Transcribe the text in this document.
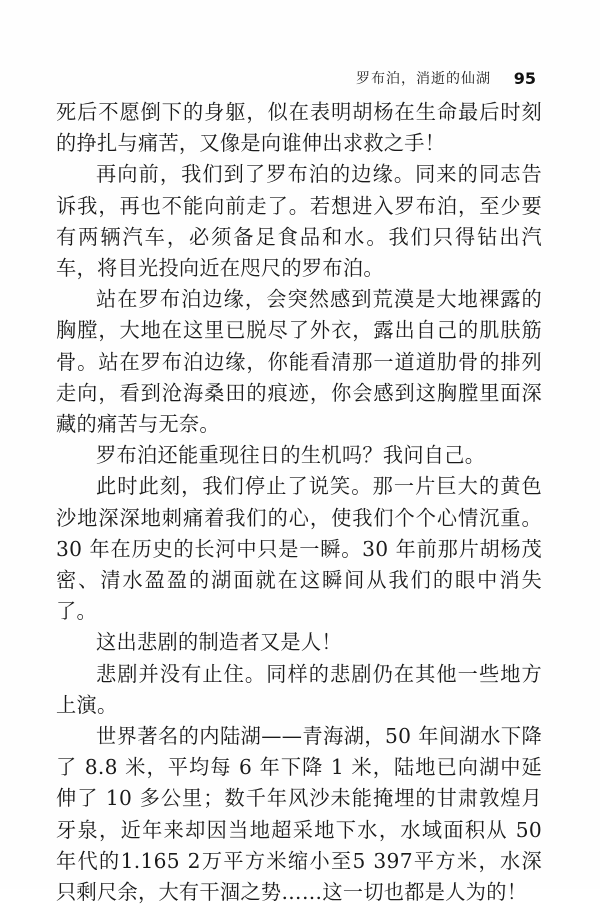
罗布泊，消逝的仙湖 95

死后不愿倒下的身躯，似在表明胡杨在生命最后时刻的挣扎与痛苦，又像是向谁伸出求救之手！

再向前，我们到了罗布泊的边缘。同来的同志告诉我，再也不能向前走了。若想进入罗布泊，至少要有两辆汽车，必须备足食品和水。我们只得钻出汽车，将目光投向近在咫尺的罗布泊。

站在罗布泊边缘，会突然感到荒漠是大地裸露的胸膛，大地在这里已脱尽了外衣，露出自己的肌肤筋骨。站在罗布泊边缘，你能看清那一道道肋骨的排列走向，看到沧海桑田的痕迹，你会感到这胸膛里面深藏的痛苦与无奈。

罗布泊还能重现往日的生机吗？我问自己。

此时此刻，我们停止了说笑。那一片巨大的黄色沙地深深地刺痛着我们的心，使我们个个心情沉重。30 年在历史的长河中只是一瞬。30 年前那片胡杨茂密、清水盈盈的湖面就在这瞬间从我们的眼中消失了。

这出悲剧的制造者又是人！

悲剧并没有止住。同样的悲剧仍在其他一些地方上演。

世界著名的内陆湖——青海湖，50 年间湖水下降了 8.8 米，平均每 6 年下降 1 米，陆地已向湖中延伸了 10 多公里；数千年风沙未能掩埋的甘肃敦煌月牙泉，近年来却因当地超采地下水，水域面积从 50 年代的1.165 2万平方米缩小至5 397平方米，水深只剩尺余，大有干涸之势……这一切也都是人为的！
